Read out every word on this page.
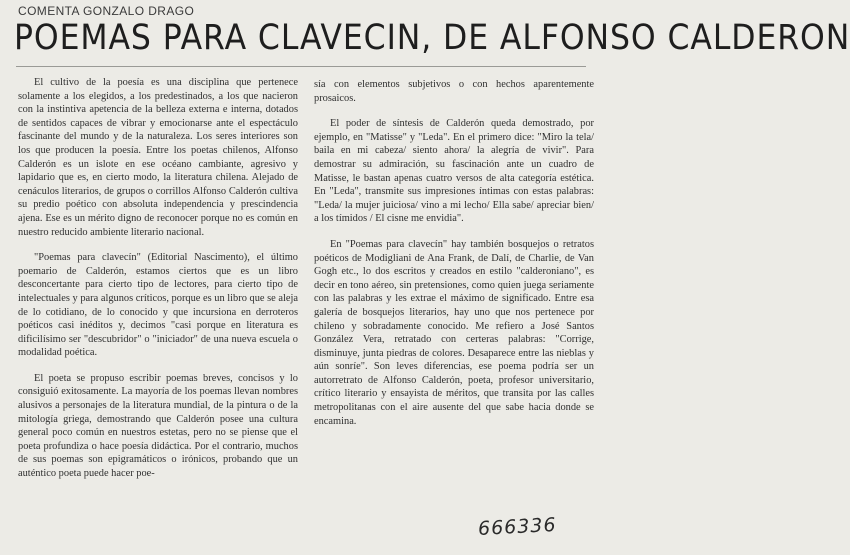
COMENTA GONZALO DRAGO
POEMAS PARA CLAVECIN, DE ALFONSO CALDERON

El cultivo de la poesía es una disciplina que pertenece solamente a los elegidos, a los predestinados, a los que nacieron con la instintiva apetencia de la belleza externa e interna, dotados de sentidos capaces de vibrar y emocionarse ante el espectáculo fascinante del mundo y de la naturaleza. Los seres interiores son los que producen la poesía. Entre los poetas chilenos, Alfonso Calderón es un islote en ese océano cambiante, agresivo y lapidario que es, en cierto modo, la literatura chilena. Alejado de cenáculos literarios, de grupos o corrillos Alfonso Calderón cultiva su predio poético con absoluta independencia y prescindencia ajena. Ese es un mérito digno de reconocer porque no es común en nuestro reducido ambiente literario nacional.

"Poemas para clavecín" (Editorial Nascimento), el último poemario de Calderón, estamos ciertos que es un libro desconcertante para cierto tipo de lectores, para cierto tipo de intelectuales y para algunos críticos, porque es un libro que se aleja de lo cotidiano, de lo conocido y que incursiona en derroteros poéticos casi inéditos y, decimos "casi porque en literatura es dificilísimo ser "descubridor" o "iniciador" de una nueva escuela o modalidad poética.

El poeta se propuso escribir poemas breves, concisos y lo consiguió exitosamente. La mayoría de los poemas llevan nombres alusivos a personajes de la literatura mundial, de la pintura o de la mitología griega, demostrando que Calderón posee una cultura general poco común en nuestros estetas, pero no se piense que el poeta profundiza o hace poesía didáctica. Por el contrario, muchos de sus poemas son epigramáticos o irónicos, probando que un auténtico poeta puede hacer poe-

sía con elementos subjetivos o con hechos aparentemente prosaicos.

El poder de síntesis de Calderón queda demostrado, por ejemplo, en "Matisse" y "Leda". En el primero dice: "Miro la tela/ baila en mi cabeza/ siento ahora/ la alegría de vivir". Para demostrar su admiración, su fascinación ante un cuadro de Matisse, le bastan apenas cuatro versos de alta categoría estética. En "Leda", transmite sus impresiones íntimas con estas palabras: "Leda/ la mujer juiciosa/ vino a mi lecho/ Ella sabe/ apreciar bien/ a los tímidos / El cisne me envidia".

En "Poemas para clavecín" hay también bosquejos o retratos poéticos de Modigliani de Ana Frank, de Dalí, de Charlie, de Van Gogh etc., lo dos escritos y creados en estilo "calderoniano", es decir en tono aéreo, sin pretensiones, como quien juega seriamente con las palabras y les extrae el máximo de significado. Entre esa galería de bosquejos literarios, hay uno que nos pertenece por chileno y sobradamente conocido. Me refiero a José Santos González Vera, retratado con certeras palabras: "Corrige, disminuye, junta piedras de colores. Desaparece entre las nieblas y aún sonríe". Son leves diferencias, ese poema podría ser un autorretrato de Alfonso Calderón, poeta, profesor universitario, crítico literario y ensayista de méritos, que transita por las calles metropolitanas con el aire ausente del que sabe hacia donde se encamina.

666336
